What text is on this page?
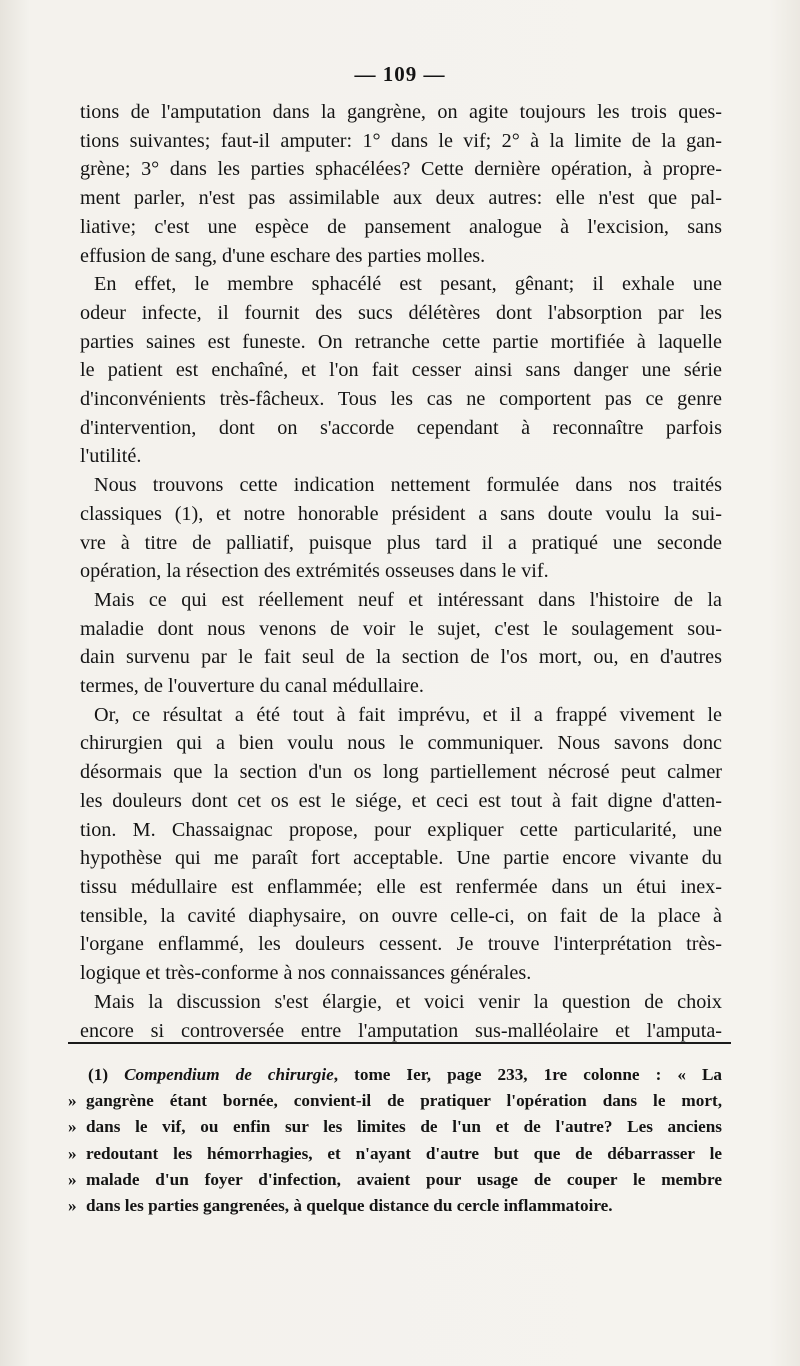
— 109 —
tions de l'amputation dans la gangrène, on agite toujours les trois ques-
tions suivantes; faut-il amputer: 1° dans le vif; 2° à la limite de la gan-
grène; 3° dans les parties sphacélées? Cette dernière opération, à propre-
ment parler, n'est pas assimilable aux deux autres: elle n'est que pal-
liative; c'est une espèce de pansement analogue à l'excision, sans
effusion de sang, d'une eschare des parties molles.
En effet, le membre sphacélé est pesant, gênant; il exhale une
odeur infecte, il fournit des sucs délétères dont l'absorption par les
parties saines est funeste. On retranche cette partie mortifiée à laquelle
le patient est enchaîné, et l'on fait cesser ainsi sans danger une série
d'inconvénients très-fâcheux. Tous les cas ne comportent pas ce genre
d'intervention, dont on s'accorde cependant à reconnaître parfois
l'utilité.
Nous trouvons cette indication nettement formulée dans nos traités
classiques (1), et notre honorable président a sans doute voulu la sui-
vre à titre de palliatif, puisque plus tard il a pratiqué une seconde
opération, la résection des extrémités osseuses dans le vif.
Mais ce qui est réellement neuf et intéressant dans l'histoire de la
maladie dont nous venons de voir le sujet, c'est le soulagement sou-
dain survenu par le fait seul de la section de l'os mort, ou, en d'autres
termes, de l'ouverture du canal médullaire.
Or, ce résultat a été tout à fait imprévu, et il a frappé vivement le
chirurgien qui a bien voulu nous le communiquer. Nous savons donc
désormais que la section d'un os long partiellement nécrosé peut calmer
les douleurs dont cet os est le siége, et ceci est tout à fait digne d'atten-
tion. M. Chassaignac propose, pour expliquer cette particularité, une
hypothèse qui me paraît fort acceptable. Une partie encore vivante du
tissu médullaire est enflammée; elle est renfermée dans un étui inex-
tensible, la cavité diaphysaire, on ouvre celle-ci, on fait de la place à
l'organe enflammé, les douleurs cessent. Je trouve l'interprétation très-
logique et très-conforme à nos connaissances générales.
Mais la discussion s'est élargie, et voici venir la question de choix
encore si controversée entre l'amputation sus-malléolaire et l'amputa-
(1) Compendium de chirurgie, tome Ier, page 233, 1re colonne : « La
» gangrène étant bornée, convient-il de pratiquer l'opération dans le mort,
» dans le vif, ou enfin sur les limites de l'un et de l'autre? Les anciens
» redoutant les hémorrhagies, et n'ayant d'autre but que de débarrasser le
» malade d'un foyer d'infection, avaient pour usage de couper le membre
» dans les parties gangrenées, à quelque distance du cercle inflammatoire.
